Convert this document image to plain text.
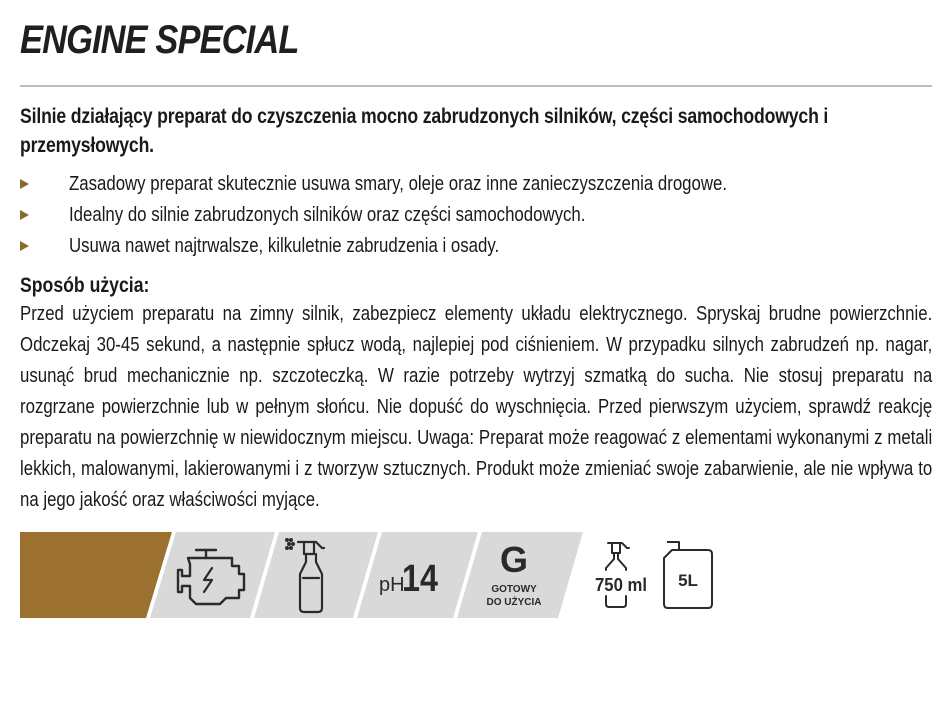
ENGINE SPECIAL

Silnie działający preparat do czyszczenia mocno zabrudzonych silników, części samochodowych i przemysłowych.

Zasadowy preparat skutecznie usuwa smary, oleje oraz inne zanieczyszczenia drogowe.
Idealny do silnie zabrudzonych silników oraz części samochodowych.
Usuwa nawet najtrwalsze, kilkuletnie zabrudzenia i osady.
Sposób użycia:

Przed użyciem preparatu na zimny silnik, zabezpiecz elementy układu elektrycznego. Spryskaj brudne powierzchnie. Odczekaj 30-45 sekund, a następnie spłucz wodą, najlepiej pod ciśnieniem. W przypadku silnych zabrudzeń np. nagar, usunąć brud mechanicznie np. szczoteczką. W razie potrzeby wytrzyj szmatką do sucha. Nie stosuj preparatu na rozgrzane powierzchnie lub w pełnym słońcu. Nie dopuść do wyschnięcia. Przed pierwszym użyciem, sprawdź reakcję preparatu na powierzchnię w niewidocznym miejscu. Uwaga: Preparat może reagować z elementami wykonanymi z metali lekkich, malowanymi, lakierowanymi i z tworzyw sztucznych. Produkt może zmieniać swoje zabarwienie, ale nie wpływa to na jego jakość oraz właściwości myjące.

pH
14 G
GOTOWY
DO UŻYCIA
750 ml 5L
